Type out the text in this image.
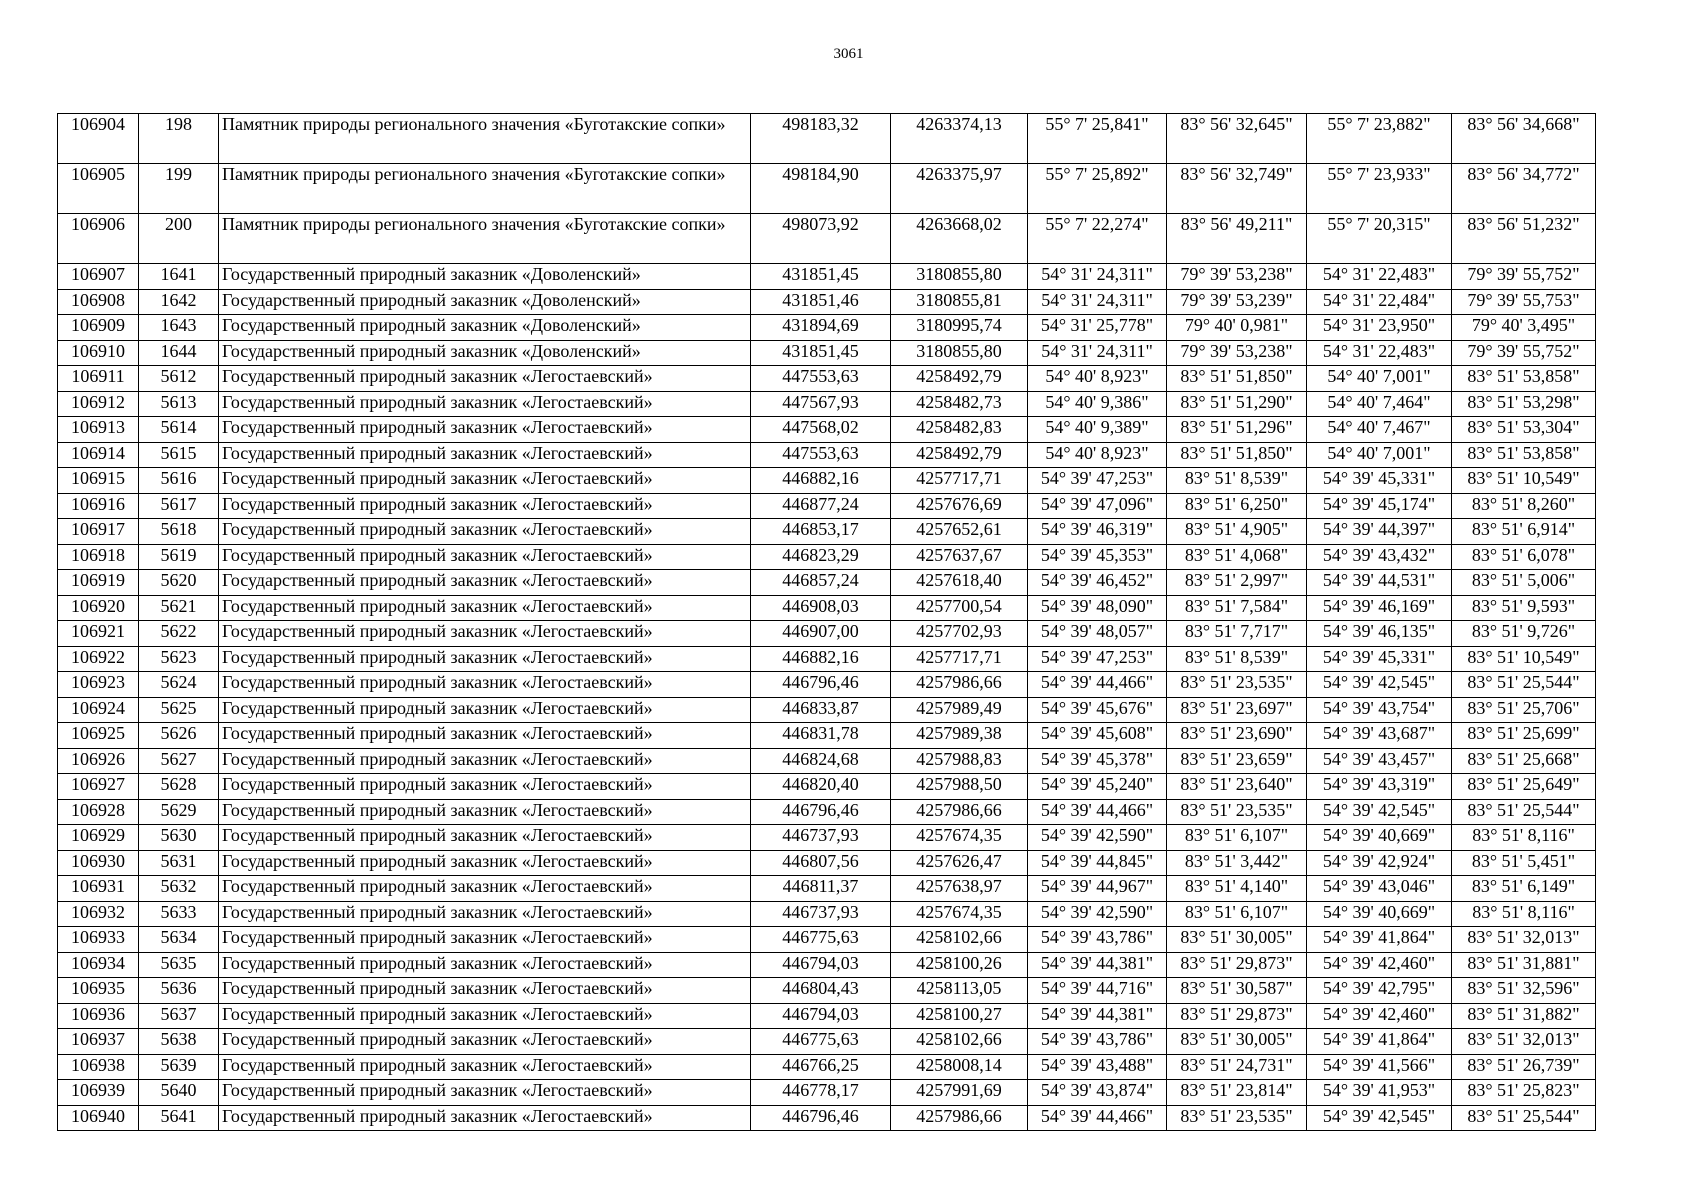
3061
106904	198	Памятник природы регионального значения «Буготакские сопки»	498183,32	4263374,13	55° 7' 25,841"	83° 56' 32,645"	55° 7' 23,882"	83° 56' 34,668"
106905	199	Памятник природы регионального значения «Буготакские сопки»	498184,90	4263375,97	55° 7' 25,892"	83° 56' 32,749"	55° 7' 23,933"	83° 56' 34,772"
106906	200	Памятник природы регионального значения «Буготакские сопки»	498073,92	4263668,02	55° 7' 22,274"	83° 56' 49,211"	55° 7' 20,315"	83° 56' 51,232"
106907	1641	Государственный природный заказник «Доволенский»	431851,45	3180855,80	54° 31' 24,311"	79° 39' 53,238"	54° 31' 22,483"	79° 39' 55,752"
106908	1642	Государственный природный заказник «Доволенский»	431851,46	3180855,81	54° 31' 24,311"	79° 39' 53,239"	54° 31' 22,484"	79° 39' 55,753"
106909	1643	Государственный природный заказник «Доволенский»	431894,69	3180995,74	54° 31' 25,778"	79° 40' 0,981"	54° 31' 23,950"	79° 40' 3,495"
106910	1644	Государственный природный заказник «Доволенский»	431851,45	3180855,80	54° 31' 24,311"	79° 39' 53,238"	54° 31' 22,483"	79° 39' 55,752"
106911	5612	Государственный природный заказник «Легостаевский»	447553,63	4258492,79	54° 40' 8,923"	83° 51' 51,850"	54° 40' 7,001"	83° 51' 53,858"
106912	5613	Государственный природный заказник «Легостаевский»	447567,93	4258482,73	54° 40' 9,386"	83° 51' 51,290"	54° 40' 7,464"	83° 51' 53,298"
106913	5614	Государственный природный заказник «Легостаевский»	447568,02	4258482,83	54° 40' 9,389"	83° 51' 51,296"	54° 40' 7,467"	83° 51' 53,304"
106914	5615	Государственный природный заказник «Легостаевский»	447553,63	4258492,79	54° 40' 8,923"	83° 51' 51,850"	54° 40' 7,001"	83° 51' 53,858"
106915	5616	Государственный природный заказник «Легостаевский»	446882,16	4257717,71	54° 39' 47,253"	83° 51' 8,539"	54° 39' 45,331"	83° 51' 10,549"
106916	5617	Государственный природный заказник «Легостаевский»	446877,24	4257676,69	54° 39' 47,096"	83° 51' 6,250"	54° 39' 45,174"	83° 51' 8,260"
106917	5618	Государственный природный заказник «Легостаевский»	446853,17	4257652,61	54° 39' 46,319"	83° 51' 4,905"	54° 39' 44,397"	83° 51' 6,914"
106918	5619	Государственный природный заказник «Легостаевский»	446823,29	4257637,67	54° 39' 45,353"	83° 51' 4,068"	54° 39' 43,432"	83° 51' 6,078"
106919	5620	Государственный природный заказник «Легостаевский»	446857,24	4257618,40	54° 39' 46,452"	83° 51' 2,997"	54° 39' 44,531"	83° 51' 5,006"
106920	5621	Государственный природный заказник «Легостаевский»	446908,03	4257700,54	54° 39' 48,090"	83° 51' 7,584"	54° 39' 46,169"	83° 51' 9,593"
106921	5622	Государственный природный заказник «Легостаевский»	446907,00	4257702,93	54° 39' 48,057"	83° 51' 7,717"	54° 39' 46,135"	83° 51' 9,726"
106922	5623	Государственный природный заказник «Легостаевский»	446882,16	4257717,71	54° 39' 47,253"	83° 51' 8,539"	54° 39' 45,331"	83° 51' 10,549"
106923	5624	Государственный природный заказник «Легостаевский»	446796,46	4257986,66	54° 39' 44,466"	83° 51' 23,535"	54° 39' 42,545"	83° 51' 25,544"
106924	5625	Государственный природный заказник «Легостаевский»	446833,87	4257989,49	54° 39' 45,676"	83° 51' 23,697"	54° 39' 43,754"	83° 51' 25,706"
106925	5626	Государственный природный заказник «Легостаевский»	446831,78	4257989,38	54° 39' 45,608"	83° 51' 23,690"	54° 39' 43,687"	83° 51' 25,699"
106926	5627	Государственный природный заказник «Легостаевский»	446824,68	4257988,83	54° 39' 45,378"	83° 51' 23,659"	54° 39' 43,457"	83° 51' 25,668"
106927	5628	Государственный природный заказник «Легостаевский»	446820,40	4257988,50	54° 39' 45,240"	83° 51' 23,640"	54° 39' 43,319"	83° 51' 25,649"
106928	5629	Государственный природный заказник «Легостаевский»	446796,46	4257986,66	54° 39' 44,466"	83° 51' 23,535"	54° 39' 42,545"	83° 51' 25,544"
106929	5630	Государственный природный заказник «Легостаевский»	446737,93	4257674,35	54° 39' 42,590"	83° 51' 6,107"	54° 39' 40,669"	83° 51' 8,116"
106930	5631	Государственный природный заказник «Легостаевский»	446807,56	4257626,47	54° 39' 44,845"	83° 51' 3,442"	54° 39' 42,924"	83° 51' 5,451"
106931	5632	Государственный природный заказник «Легостаевский»	446811,37	4257638,97	54° 39' 44,967"	83° 51' 4,140"	54° 39' 43,046"	83° 51' 6,149"
106932	5633	Государственный природный заказник «Легостаевский»	446737,93	4257674,35	54° 39' 42,590"	83° 51' 6,107"	54° 39' 40,669"	83° 51' 8,116"
106933	5634	Государственный природный заказник «Легостаевский»	446775,63	4258102,66	54° 39' 43,786"	83° 51' 30,005"	54° 39' 41,864"	83° 51' 32,013"
106934	5635	Государственный природный заказник «Легостаевский»	446794,03	4258100,26	54° 39' 44,381"	83° 51' 29,873"	54° 39' 42,460"	83° 51' 31,881"
106935	5636	Государственный природный заказник «Легостаевский»	446804,43	4258113,05	54° 39' 44,716"	83° 51' 30,587"	54° 39' 42,795"	83° 51' 32,596"
106936	5637	Государственный природный заказник «Легостаевский»	446794,03	4258100,27	54° 39' 44,381"	83° 51' 29,873"	54° 39' 42,460"	83° 51' 31,882"
106937	5638	Государственный природный заказник «Легостаевский»	446775,63	4258102,66	54° 39' 43,786"	83° 51' 30,005"	54° 39' 41,864"	83° 51' 32,013"
106938	5639	Государственный природный заказник «Легостаевский»	446766,25	4258008,14	54° 39' 43,488"	83° 51' 24,731"	54° 39' 41,566"	83° 51' 26,739"
106939	5640	Государственный природный заказник «Легостаевский»	446778,17	4257991,69	54° 39' 43,874"	83° 51' 23,814"	54° 39' 41,953"	83° 51' 25,823"
106940	5641	Государственный природный заказник «Легостаевский»	446796,46	4257986,66	54° 39' 44,466"	83° 51' 23,535"	54° 39' 42,545"	83° 51' 25,544"
